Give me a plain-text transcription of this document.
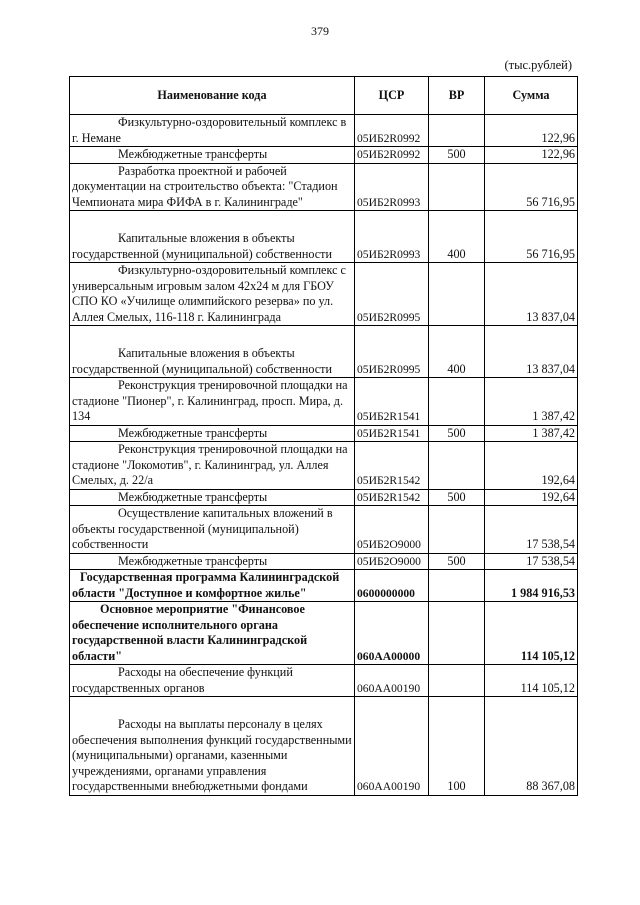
379
(тыс.рублей)
Наименование кода	ЦСР	ВР	Сумма
Физкультурно-оздоровительный комплекс в г. Немане	05ИБ2R0992		122,96
Межбюджетные трансферты	05ИБ2R0992	500	122,96
Разработка проектной и рабочей документации на строительство объекта: "Стадион Чемпионата мира ФИФА в г. Калининграде"	05ИБ2R0993		56 716,95
Капитальные вложения в объекты государственной (муниципальной) собственности	05ИБ2R0993	400	56 716,95
Физкультурно-оздоровительный комплекс с универсальным игровым залом 42х24 м для ГБОУ СПО КО «Училище олимпийского резерва» по ул. Аллея Смелых, 116-118 г. Калининграда	05ИБ2R0995		13 837,04
Капитальные вложения в объекты государственной (муниципальной) собственности	05ИБ2R0995	400	13 837,04
Реконструкция тренировочной площадки на стадионе "Пионер", г. Калининград, просп. Мира, д. 134	05ИБ2R1541		1 387,42
Межбюджетные трансферты	05ИБ2R1541	500	1 387,42
Реконструкция тренировочной площадки на стадионе "Локомотив", г. Калининград, ул. Аллея Смелых, д. 22/а	05ИБ2R1542		192,64
Межбюджетные трансферты	05ИБ2R1542	500	192,64
Осуществление капитальных вложений в объекты государственной (муниципальной) собственности	05ИБ2О9000		17 538,54
Межбюджетные трансферты	05ИБ2О9000	500	17 538,54
Государственная программа Калининградской области "Доступное и комфортное жилье"	0600000000		1 984 916,53
Основное мероприятие "Финансовое обеспечение исполнительного органа государственной власти Калининградской области"	060АА00000		114 105,12
Расходы на обеспечение функций государственных органов	060АА00190		114 105,12
Расходы на выплаты персоналу в целях обеспечения выполнения функций государственными (муниципальными) органами, казенными учреждениями, органами управления государственными внебюджетными фондами	060АА00190	100	88 367,08
